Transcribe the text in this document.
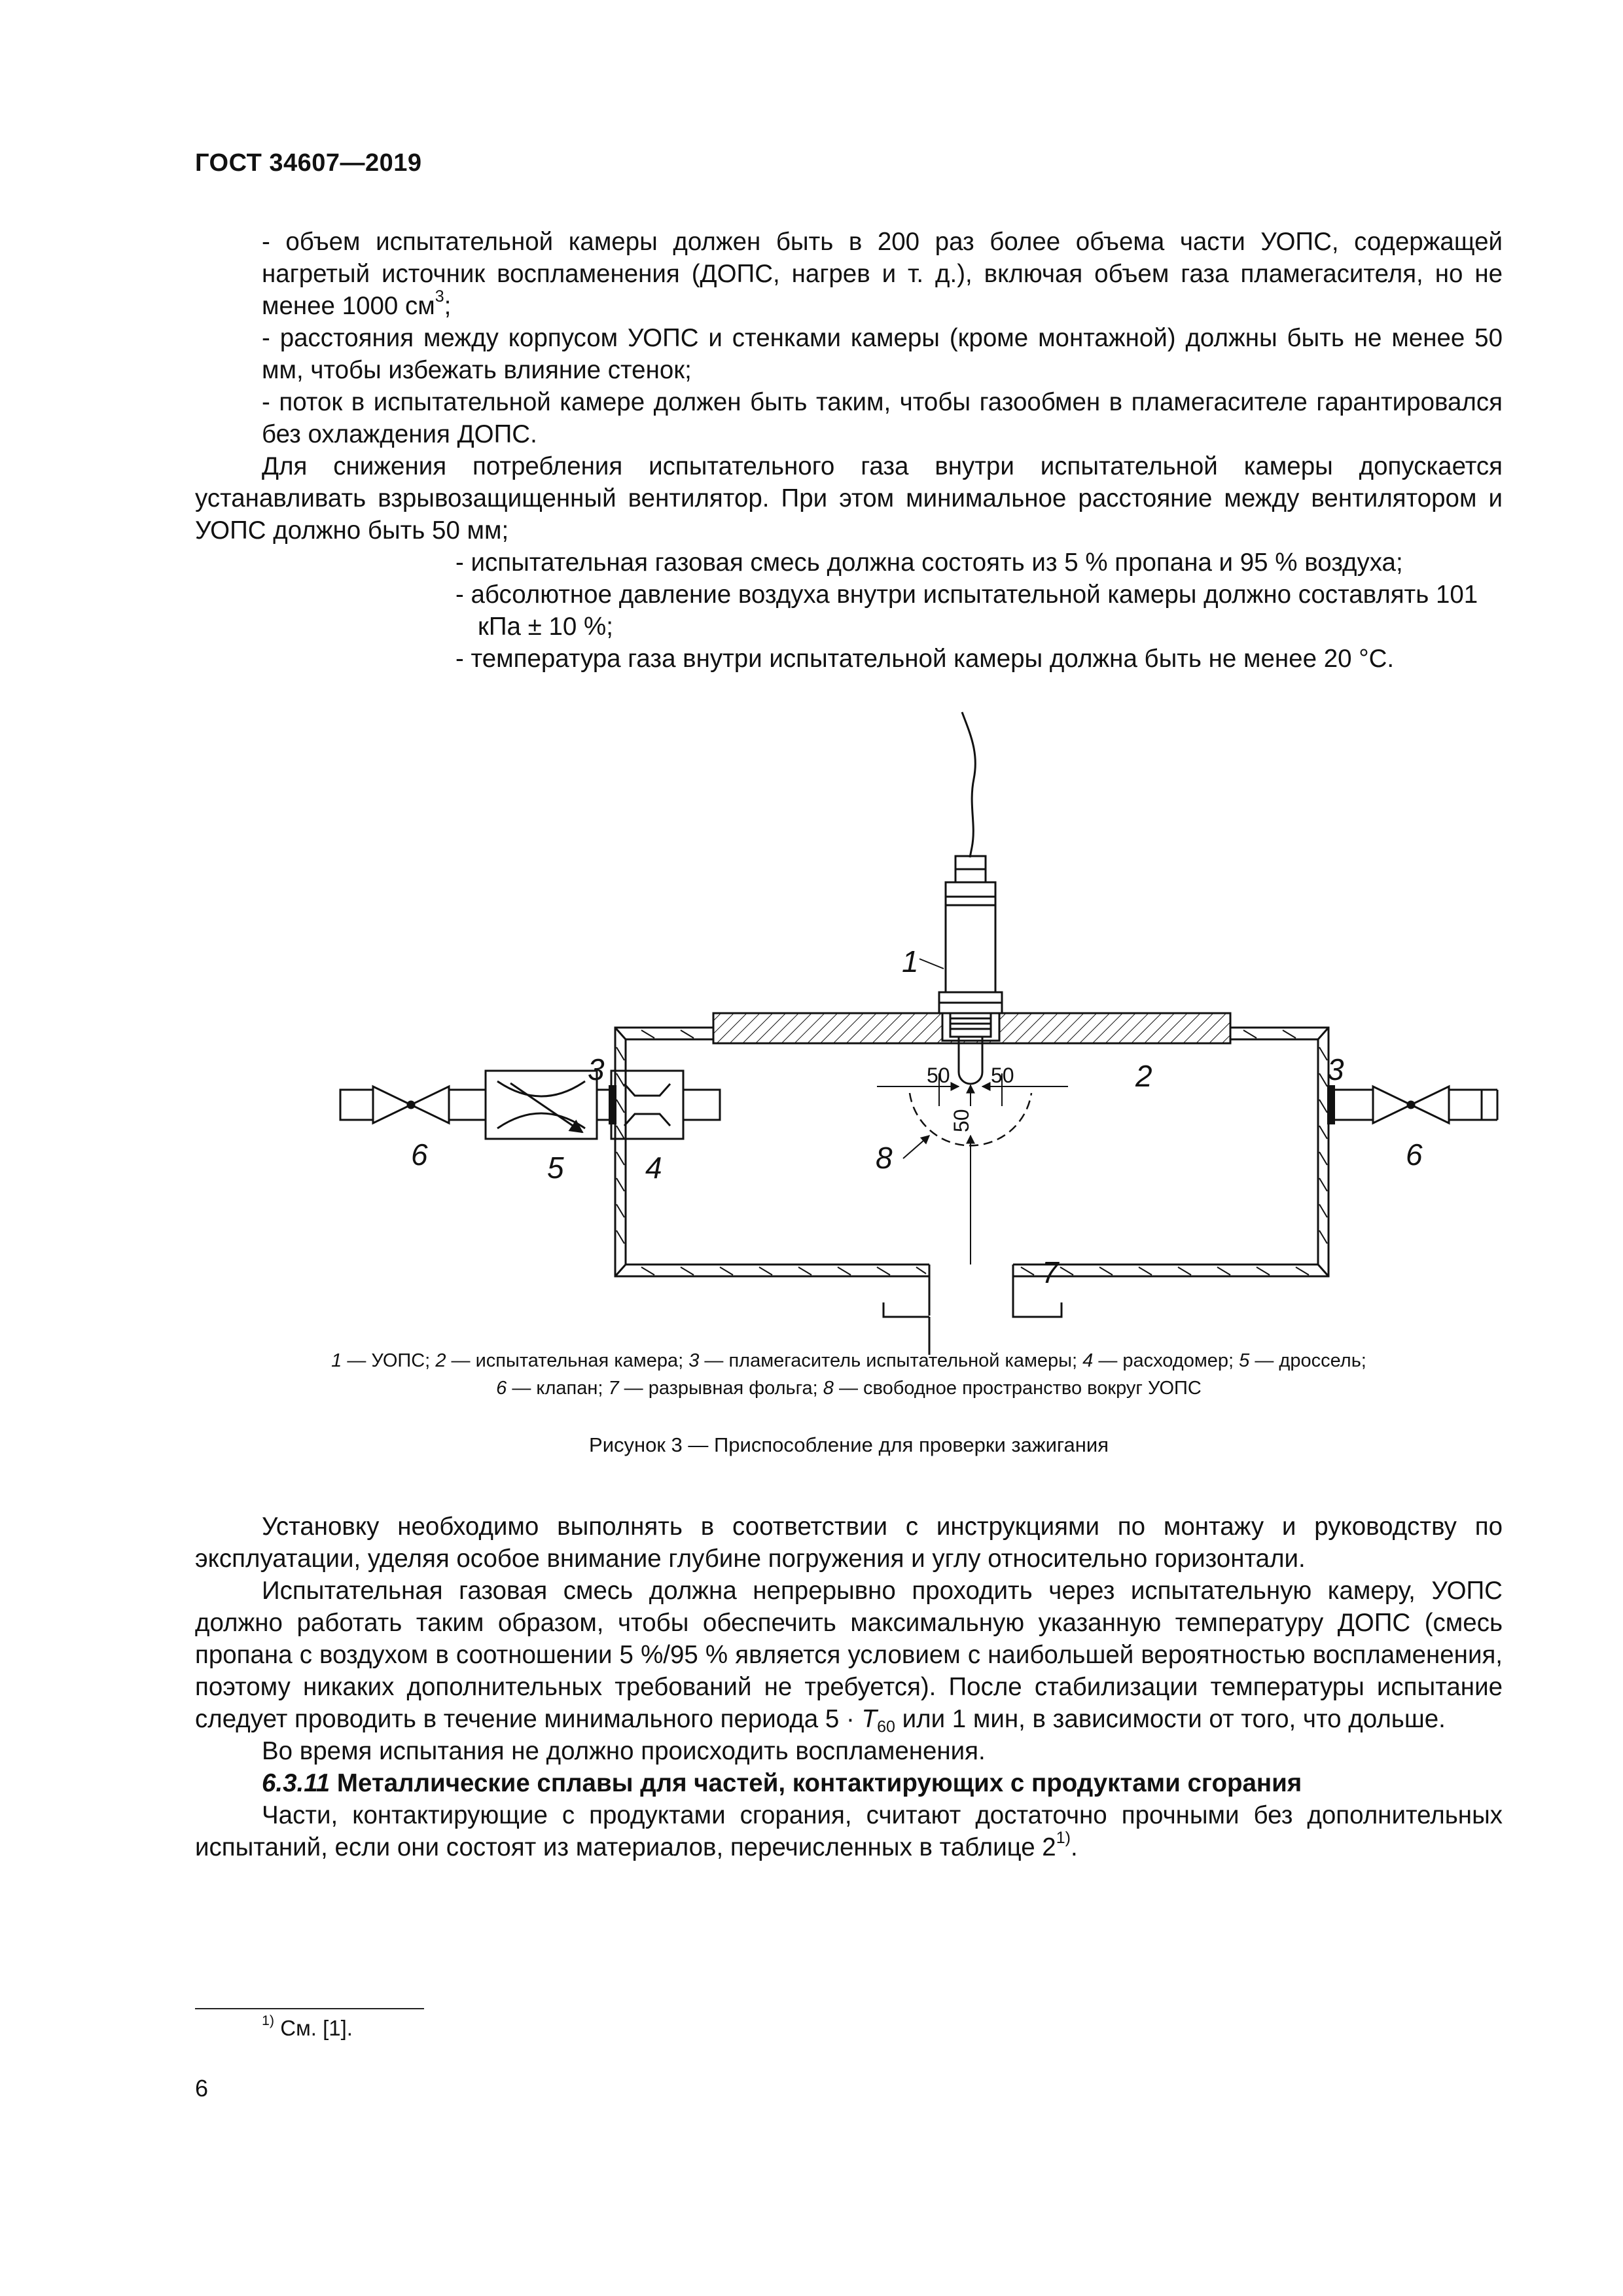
ГОСТ 34607—2019

- объем испытательной камеры должен быть в 200 раз более объема части УОПС, содержащей нагретый источник воспламенения (ДОПС, нагрев и т. д.), включая объем газа пламегасителя, но не менее 1000 $см^3$;

- расстояния между корпусом УОПС и стенками камеры (кроме монтажной) должны быть не менее 50 мм, чтобы избежать влияние стенок;

- поток в испытательной камере должен быть таким, чтобы газообмен в пламегасителе гарантировался без охлаждения ДОПС.

Для снижения потребления испытательного газа внутри испытательной камеры допускается устанавливать взрывозащищенный вентилятор. При этом минимальное расстояние между вентилятором и УОПС должно быть 50 мм;

- испытательная газовая смесь должна состоять из 5 % пропана и 95 % воздуха;

- абсолютное давление воздуха внутри испытательной камеры должно составлять 101 кПа ± 10 %;

- температура газа внутри испытательной камеры должна быть не менее 20 °С.

1
2
3	3
4
5
6	6
7
8
50 50
50
1 — УОПС; 2 — испытательная камера; 3 — пламегаситель испытательной камеры; 4 — расходомер; 5 — дроссель;
6 — клапан; 7 — разрывная фольга; 8 — свободное пространство вокруг УОПС
Рисунок 3 — Приспособление для проверки зажигания

Установку необходимо выполнять в соответствии с инструкциями по монтажу и руководству по эксплуатации, уделяя особое внимание глубине погружения и углу относительно горизонтали.

Испытательная газовая смесь должна непрерывно проходить через испытательную камеру, УОПС должно работать таким образом, чтобы обеспечить максимальную указанную температуру ДОПС (смесь пропана с воздухом в соотношении 5 %/95 % является условием с наибольшей вероятностью воспламенения, поэтому никаких дополнительных требований не требуется). После стабилизации температуры испытание следует проводить в течение минимального периода $5 \cdot T_{60}$ или 1 мин, в зависимости от того, что дольше.

Во время испытания не должно происходить воспламенения.

6.3.11 Металлические сплавы для частей, контактирующих с продуктами сгорания

Части, контактирующие с продуктами сгорания, считают достаточно прочными без дополнительных испытаний, если они состоят из материалов, перечисленных в таблице 2$^{1)}$.

$^{1)}$ См. [1].
6
